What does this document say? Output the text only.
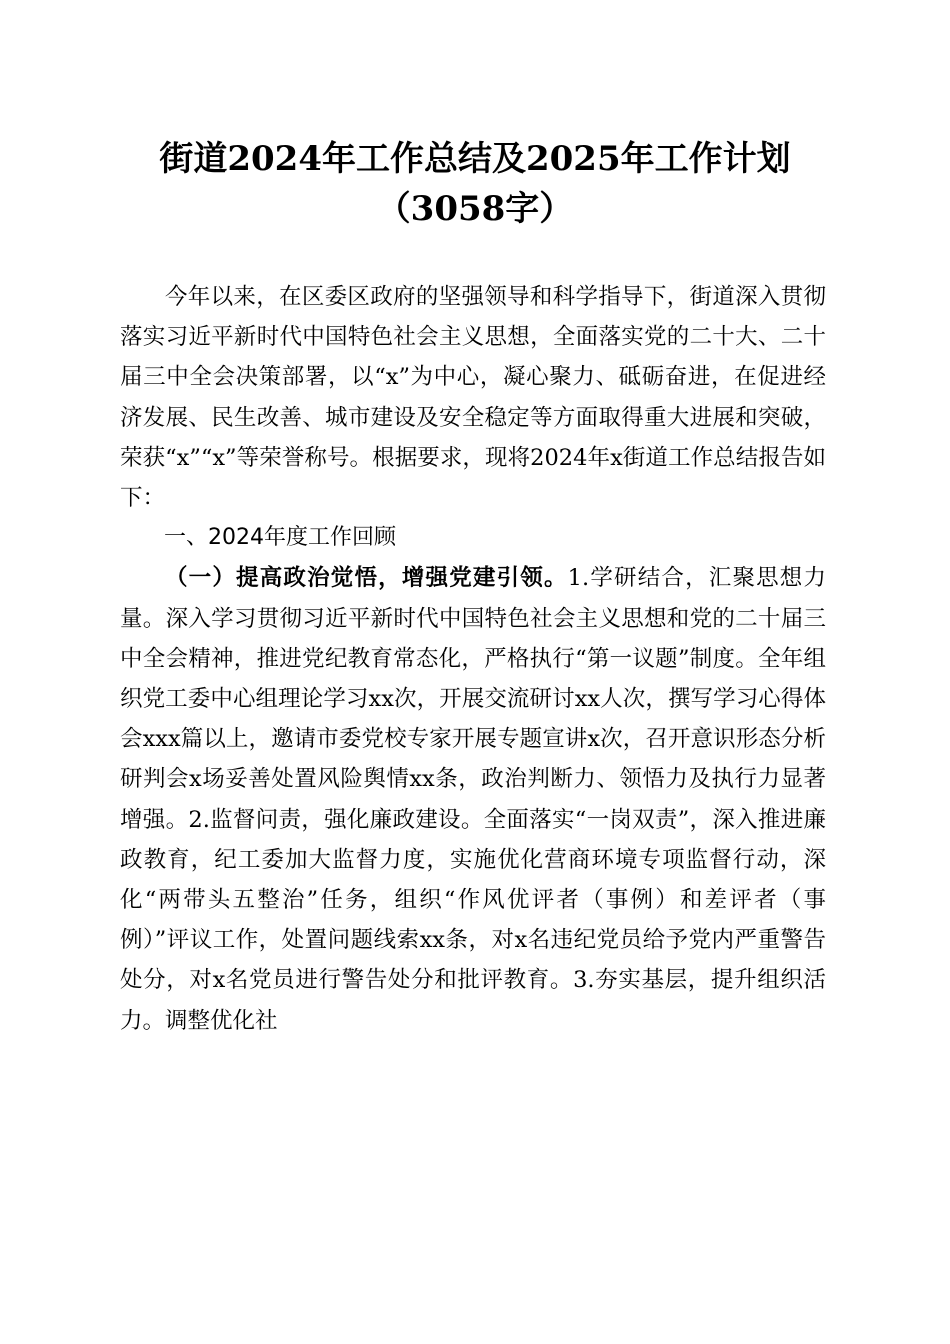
街道2024年工作总结及2025年工作计划
（3058字）

今年以来，在区委区政府的坚强领导和科学指导下，街道深入贯彻落实习近平新时代中国特色社会主义思想，全面落实党的二十大、二十届三中全会决策部署，以“x”为中心，凝心聚力、砥砺奋进，在促进经济发展、民生改善、城市建设及安全稳定等方面取得重大进展和突破，荣获“x”“x”等荣誉称号。根据要求，现将2024年x街道工作总结报告如下：

一、2024年度工作回顾

（一）提高政治觉悟，增强党建引领。1.学研结合，汇聚思想力量。深入学习贯彻习近平新时代中国特色社会主义思想和党的二十届三中全会精神，推进党纪教育常态化，严格执行“第一议题”制度。全年组织党工委中心组理论学习xx次，开展交流研讨xx人次，撰写学习心得体会xxx篇以上，邀请市委党校专家开展专题宣讲x次，召开意识形态分析研判会x场妥善处置风险舆情xx条，政治判断力、领悟力及执行力显著增强。2.监督问责，强化廉政建设。全面落实“一岗双责”，深入推进廉政教育，纪工委加大监督力度，实施优化营商环境专项监督行动，深化“两带头五整治”任务，组织“作风优评者（事例）和差评者（事例）”评议工作，处置问题线索xx条，对x名违纪党员给予党内严重警告处分，对x名党员进行警告处分和批评教育。3.夯实基层，提升组织活力。调整优化社
